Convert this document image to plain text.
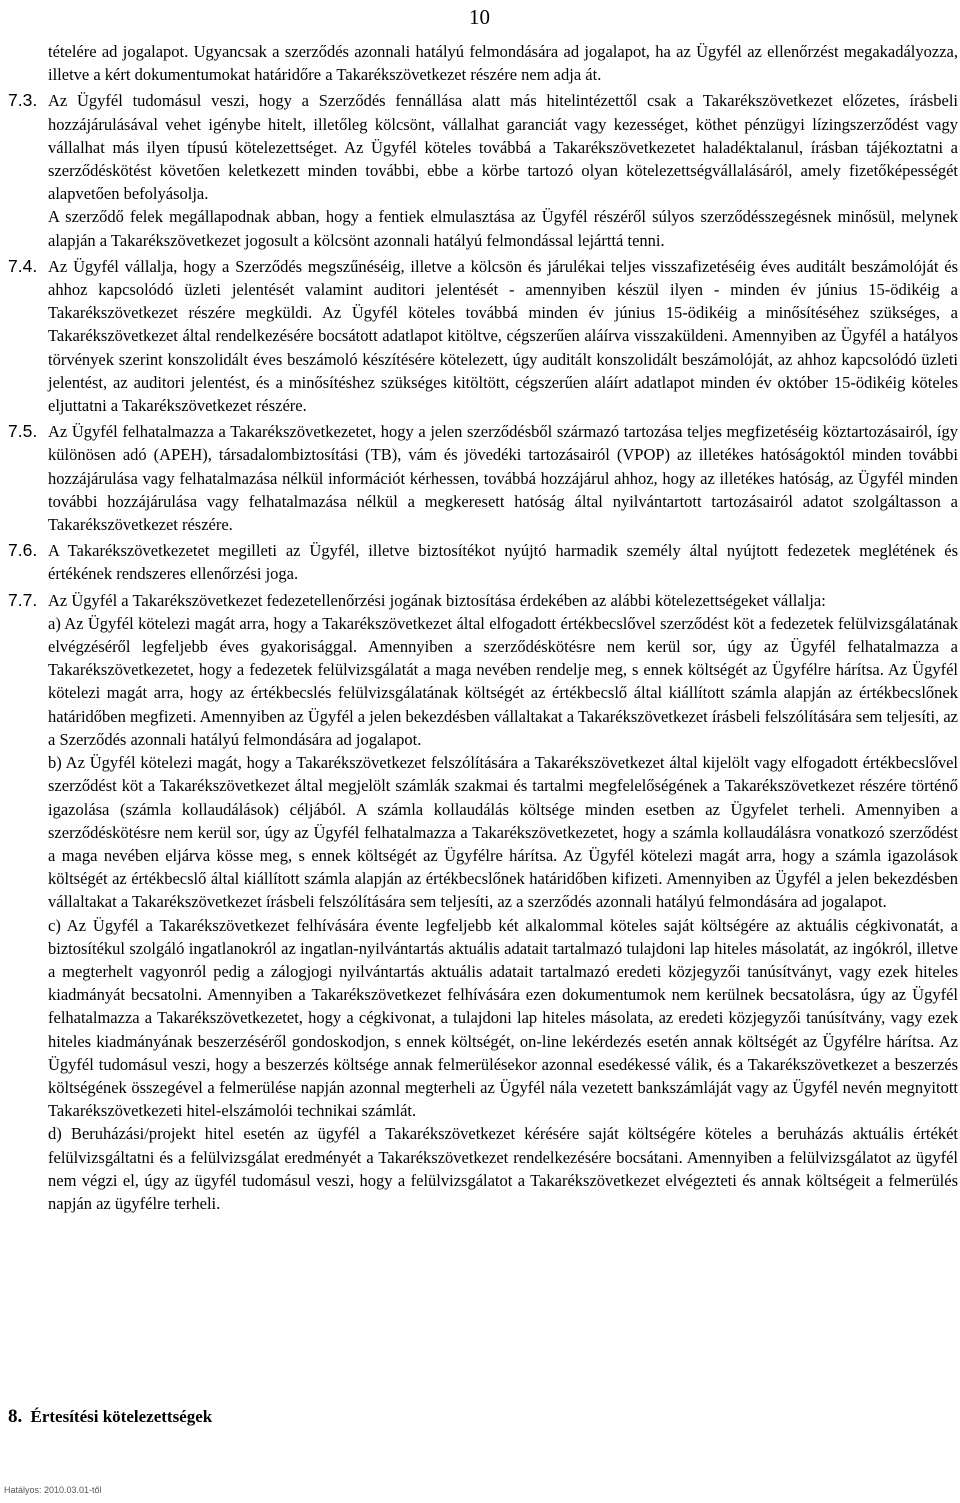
10

tételére ad jogalapot. Ugyancsak a szerződés azonnali hatályú felmondására ad jogalapot, ha az Ügyfél az ellenőrzést megakadályozza, illetve a kért dokumentumokat határidőre a Takarékszövetkezet részére nem adja át.

7.3. Az Ügyfél tudomásul veszi, hogy a Szerződés fennállása alatt más hitelintézettől csak a Takarékszövetkezet előzetes, írásbeli hozzájárulásával vehet igénybe hitelt, illetőleg kölcsönt, vállalhat garanciát vagy kezességet, köthet pénzügyi lízingszerződést vagy vállalhat más ilyen típusú kötelezettséget. Az Ügyfél köteles továbbá a Takarékszövetkezetet haladéktalanul, írásban tájékoztatni a szerződéskötést követően keletkezett minden további, ebbe a körbe tartozó olyan kötelezettségvállalásáról, amely fizetőképességét alapvetően befolyásolja.

A szerződő felek megállapodnak abban, hogy a fentiek elmulasztása az Ügyfél részéről súlyos szerződésszegésnek minősül, melynek alapján a Takarékszövetkezet jogosult a kölcsönt azonnali hatályú felmondással lejárttá tenni.

7.4. Az Ügyfél vállalja, hogy a Szerződés megszűnéséig, illetve a kölcsön és járulékai teljes visszafizetéséig éves auditált beszámolóját és ahhoz kapcsolódó üzleti jelentését valamint auditori jelentését - amennyiben készül ilyen - minden év június 15-ödikéig a Takarékszövetkezet részére megküldi. Az Ügyfél köteles továbbá minden év június 15-ödikéig a minősítéséhez szükséges, a Takarékszövetkezet által rendelkezésére bocsátott adatlapot kitöltve, cégszerűen aláírva visszaküldeni. Amennyiben az Ügyfél a hatályos törvények szerint konszolidált éves beszámoló készítésére kötelezett, úgy auditált konszolidált beszámolóját, az ahhoz kapcsolódó üzleti jelentést, az auditori jelentést, és a minősítéshez szükséges kitöltött, cégszerűen aláírt adatlapot minden év október 15-ödikéig köteles eljuttatni a Takarékszövetkezet részére.

7.5. Az Ügyfél felhatalmazza a Takarékszövetkezetet, hogy a jelen szerződésből származó tartozása teljes megfizetéséig köztartozásairól, így különösen adó (APEH), társadalombiztosítási (TB), vám és jövedéki tartozásairól (VPOP) az illetékes hatóságoktól minden további hozzájárulása vagy felhatalmazása nélkül információt kérhessen, továbbá hozzájárul ahhoz, hogy az illetékes hatóság, az Ügyfél minden további hozzájárulása vagy felhatalmazása nélkül a megkeresett hatóság által nyilvántartott tartozásairól adatot szolgáltasson a Takarékszövetkezet részére.

7.6. A Takarékszövetkezetet megilleti az Ügyfél, illetve biztosítékot nyújtó harmadik személy által nyújtott fedezetek meglétének és értékének rendszeres ellenőrzési joga.

7.7. Az Ügyfél a Takarékszövetkezet fedezetellenőrzési jogának biztosítása érdekében az alábbi kötelezettségeket vállalja:

a) Az Ügyfél kötelezi magát arra, hogy a Takarékszövetkezet által elfogadott értékbecslővel szerződést köt a fedezetek felülvizsgálatának elvégzéséről legfeljebb éves gyakorisággal. Amennyiben a szerződéskötésre nem kerül sor, úgy az Ügyfél felhatalmazza a Takarékszövetkezetet, hogy a fedezetek felülvizsgálatát a maga nevében rendelje meg, s ennek költségét az Ügyfélre hárítsa. Az Ügyfél kötelezi magát arra, hogy az értékbecslés felülvizsgálatának költségét az értékbecslő által kiállított számla alapján az értékbecslőnek határidőben megfizeti. Amennyiben az Ügyfél a jelen bekezdésben vállaltakat a Takarékszövetkezet írásbeli felszólítására sem teljesíti, az a Szerződés azonnali hatályú felmondására ad jogalapot.

b) Az Ügyfél kötelezi magát, hogy a Takarékszövetkezet felszólítására a Takarékszövetkezet által kijelölt vagy elfogadott értékbecslővel szerződést köt a Takarékszövetkezet által megjelölt számlák szakmai és tartalmi megfelelőségének a Takarékszövetkezet részére történő igazolása (számla kollaudálások) céljából. A számla kollaudálás költsége minden esetben az Ügyfelet terheli. Amennyiben a szerződéskötésre nem kerül sor, úgy az Ügyfél felhatalmazza a Takarékszövetkezetet, hogy a számla kollaudálásra vonatkozó szerződést a maga nevében eljárva kösse meg, s ennek költségét az Ügyfélre hárítsa. Az Ügyfél kötelezi magát arra, hogy a számla igazolások költségét az értékbecslő által kiállított számla alapján az értékbecslőnek határidőben kifizeti. Amennyiben az Ügyfél a jelen bekezdésben vállaltakat a Takarékszövetkezet írásbeli felszólítására sem teljesíti, az a szerződés azonnali hatályú felmondására ad jogalapot.

c) Az Ügyfél a Takarékszövetkezet felhívására évente legfeljebb két alkalommal köteles saját költségére az aktuális cégkivonatát, a biztosítékul szolgáló ingatlanokról az ingatlan-nyilvántartás aktuális adatait tartalmazó tulajdoni lap hiteles másolatát, az ingókról, illetve a megterhelt vagyonról pedig a zálogjogi nyilvántartás aktuális adatait tartalmazó eredeti közjegyzői tanúsítványt, vagy ezek hiteles kiadmányát becsatolni. Amennyiben a Takarékszövetkezet felhívására ezen dokumentumok nem kerülnek becsatolásra, úgy az Ügyfél felhatalmazza a Takarékszövetkezetet, hogy a cégkivonat, a tulajdoni lap hiteles másolata, az eredeti közjegyzői tanúsítvány, vagy ezek hiteles kiadmányának beszerzéséről gondoskodjon, s ennek költségét, on-line lekérdezés esetén annak költségét az Ügyfélre hárítsa. Az Ügyfél tudomásul veszi, hogy a beszerzés költsége annak felmerülésekor azonnal esedékessé válik, és a Takarékszövetkezet a beszerzés költségének összegével a felmerülése napján azonnal megterheli az Ügyfél nála vezetett bankszámláját vagy az Ügyfél nevén megnyitott Takarékszövetkezeti hitel-elszámolói technikai számlát.

d) Beruházási/projekt hitel esetén az ügyfél a Takarékszövetkezet kérésére saját költségére köteles a beruházás aktuális értékét felülvizsgáltatni és a felülvizsgálat eredményét a Takarékszövetkezet rendelkezésére bocsátani. Amennyiben a felülvizsgálatot az ügyfél nem végzi el, úgy az ügyfél tudomásul veszi, hogy a felülvizsgálatot a Takarékszövetkezet elvégezteti és annak költségeit a felmerülés napján az ügyfélre terheli.

8. Értesítési kötelezettségek
Hatályos: 2010.03.01-től
